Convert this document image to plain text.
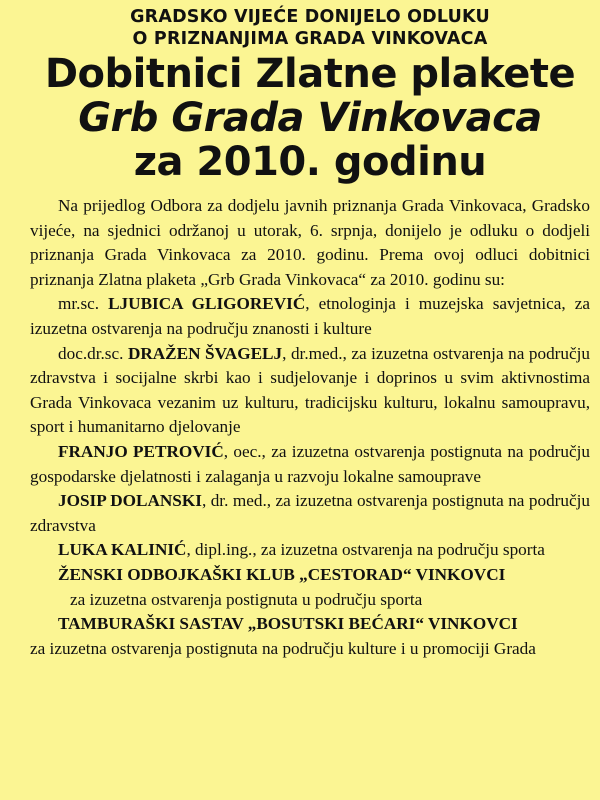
GRADSKO VIJEĆE DONIJELO ODLUKU
O PRIZNANJIMA GRADA VINKOVACA
Dobitnici Zlatne plakete
Grb Grada Vinkovaca
za 2010. godinu

Na prijedlog Odbora za dodjelu javnih priznanja Grada Vinkovaca, Gradsko vijeće, na sjednici održanoj u utorak, 6. srpnja, donijelo je odluku o dodjeli priznanja Grada Vinkovaca za 2010. godinu. Prema ovoj odluci dobitnici priznanja Zlatna plaketa „Grb Grada Vinkovaca“ za 2010. godinu su:

mr.sc. LJUBICA GLIGOREVIĆ, etnologinja i muzejska savjetnica, za izuzetna ostvarenja na području znanosti i kulture

doc.dr.sc. DRAŽEN ŠVAGELJ, dr.med., za izuzetna ostvarenja na području zdravstva i socijalne skrbi kao i sudjelovanje i doprinos u svim aktivnostima Grada Vinkovaca vezanim uz kulturu, tradicijsku kulturu, lokalnu samoupravu, sport i humanitarno djelovanje

FRANJO PETROVIĆ, oec., za izuzetna ostvarenja postignuta na području gospodarske djelatnosti i zalaganja u razvoju lokalne samouprave

JOSIP DOLANSKI, dr. med., za izuzetna ostvarenja postignuta na području zdravstva

LUKA KALINIĆ, dipl.ing., za izuzetna ostvarenja na području sporta

ŽENSKI ODBOJKAŠKI KLUB „CESTORAD“ VINKOVCI

za izuzetna ostvarenja postignuta u području sporta

TAMBURAŠKI SASTAV „BOSUTSKI BEĆARI“ VINKOVCI

za izuzetna ostvarenja postignuta na području kulture i u promociji Grada
